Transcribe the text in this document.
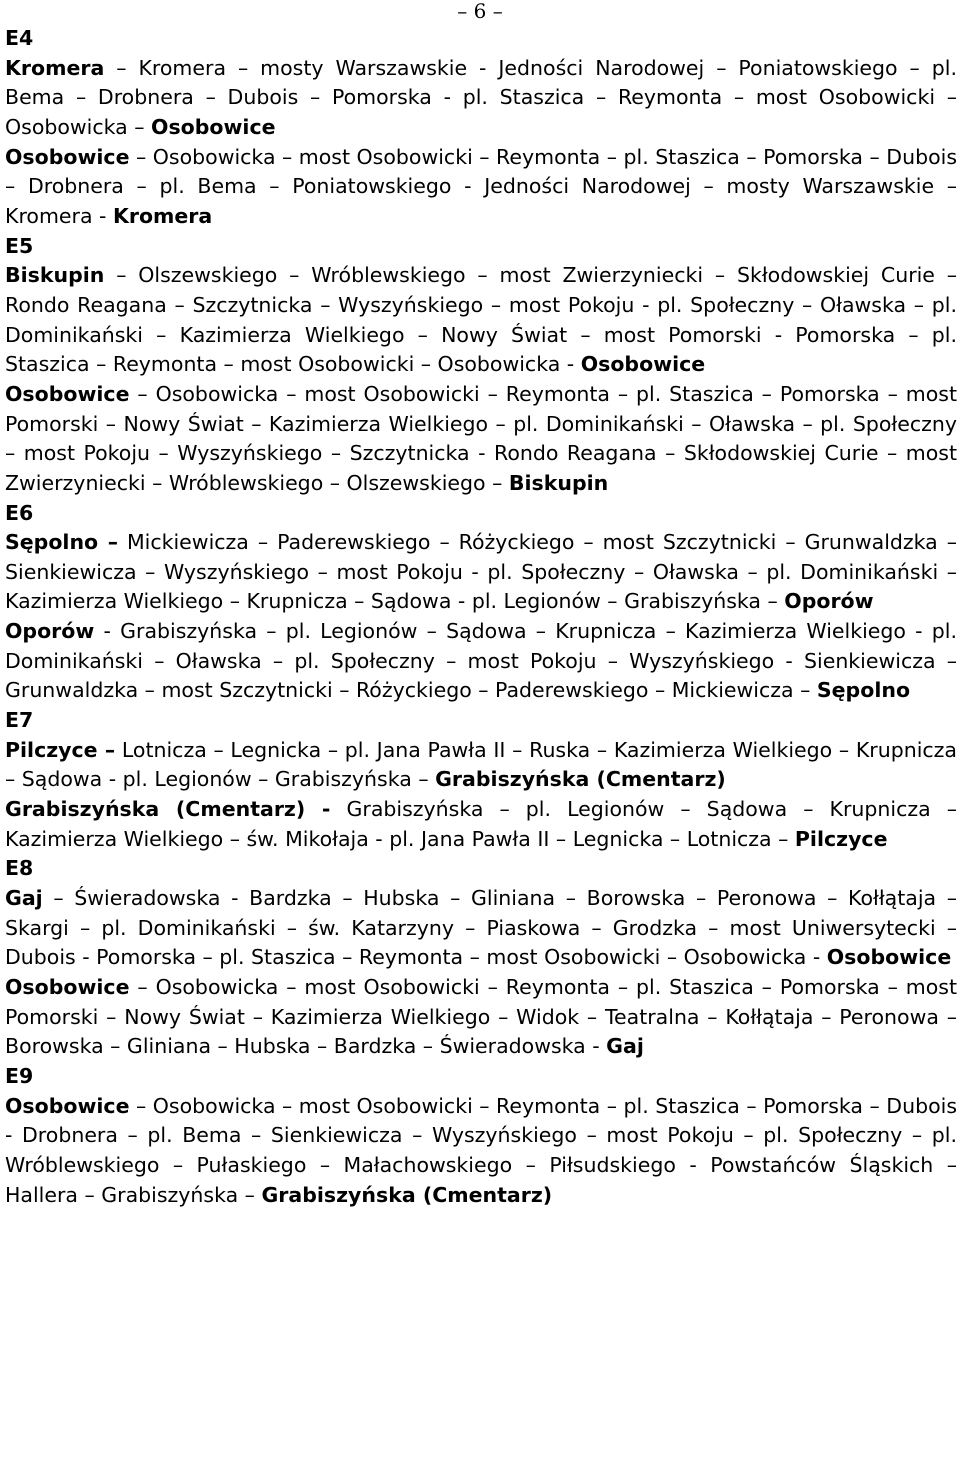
– 6 –
E4

Kromera – Kromera – mosty Warszawskie - Jedności Narodowej – Poniatowskiego – pl. Bema – Drobnera – Dubois – Pomorska - pl. Staszica – Reymonta – most Osobowicki – Osobowicka – Osobowice

Osobowice – Osobowicka – most Osobowicki – Reymonta – pl. Staszica – Pomorska – Dubois – Drobnera – pl. Bema – Poniatowskiego - Jedności Narodowej – mosty Warszawskie – Kromera - Kromera

E5

Biskupin – Olszewskiego – Wróblewskiego – most Zwierzyniecki – Skłodowskiej Curie – Rondo Reagana – Szczytnicka – Wyszyńskiego – most Pokoju - pl. Społeczny – Oławska – pl. Dominikański – Kazimierza Wielkiego – Nowy Świat – most Pomorski - Pomorska – pl. Staszica – Reymonta – most Osobowicki – Osobowicka - Osobowice

Osobowice – Osobowicka – most Osobowicki – Reymonta – pl. Staszica – Pomorska – most Pomorski – Nowy Świat – Kazimierza Wielkiego – pl. Dominikański – Oławska – pl. Społeczny – most Pokoju – Wyszyńskiego – Szczytnicka - Rondo Reagana – Skłodowskiej Curie – most Zwierzyniecki – Wróblewskiego – Olszewskiego – Biskupin

E6

Sępolno – Mickiewicza – Paderewskiego – Różyckiego – most Szczytnicki – Grunwaldzka – Sienkiewicza – Wyszyńskiego – most Pokoju - pl. Społeczny – Oławska – pl. Dominikański – Kazimierza Wielkiego – Krupnicza – Sądowa - pl. Legionów – Grabiszyńska – Oporów

Oporów - Grabiszyńska – pl. Legionów – Sądowa – Krupnicza – Kazimierza Wielkiego - pl. Dominikański – Oławska – pl. Społeczny – most Pokoju – Wyszyńskiego - Sienkiewicza – Grunwaldzka – most Szczytnicki – Różyckiego – Paderewskiego – Mickiewicza – Sępolno

E7

Pilczyce – Lotnicza – Legnicka – pl. Jana Pawła II – Ruska – Kazimierza Wielkiego – Krupnicza – Sądowa - pl. Legionów – Grabiszyńska – Grabiszyńska (Cmentarz)

Grabiszyńska (Cmentarz) - Grabiszyńska – pl. Legionów – Sądowa – Krupnicza – Kazimierza Wielkiego – św. Mikołaja - pl. Jana Pawła II – Legnicka – Lotnicza – Pilczyce

E8

Gaj – Świeradowska - Bardzka – Hubska – Gliniana – Borowska – Peronowa – Kołłątaja – Skargi – pl. Dominikański – św. Katarzyny – Piaskowa – Grodzka – most Uniwersytecki – Dubois - Pomorska – pl. Staszica – Reymonta – most Osobowicki – Osobowicka - Osobowice

Osobowice – Osobowicka – most Osobowicki – Reymonta – pl. Staszica – Pomorska – most Pomorski – Nowy Świat – Kazimierza Wielkiego – Widok – Teatralna – Kołłątaja – Peronowa – Borowska – Gliniana – Hubska – Bardzka – Świeradowska - Gaj

E9

Osobowice – Osobowicka – most Osobowicki – Reymonta – pl. Staszica – Pomorska – Dubois - Drobnera – pl. Bema – Sienkiewicza – Wyszyńskiego – most Pokoju – pl. Społeczny – pl. Wróblewskiego – Pułaskiego – Małachowskiego – Piłsudskiego - Powstańców Śląskich – Hallera – Grabiszyńska – Grabiszyńska (Cmentarz)
